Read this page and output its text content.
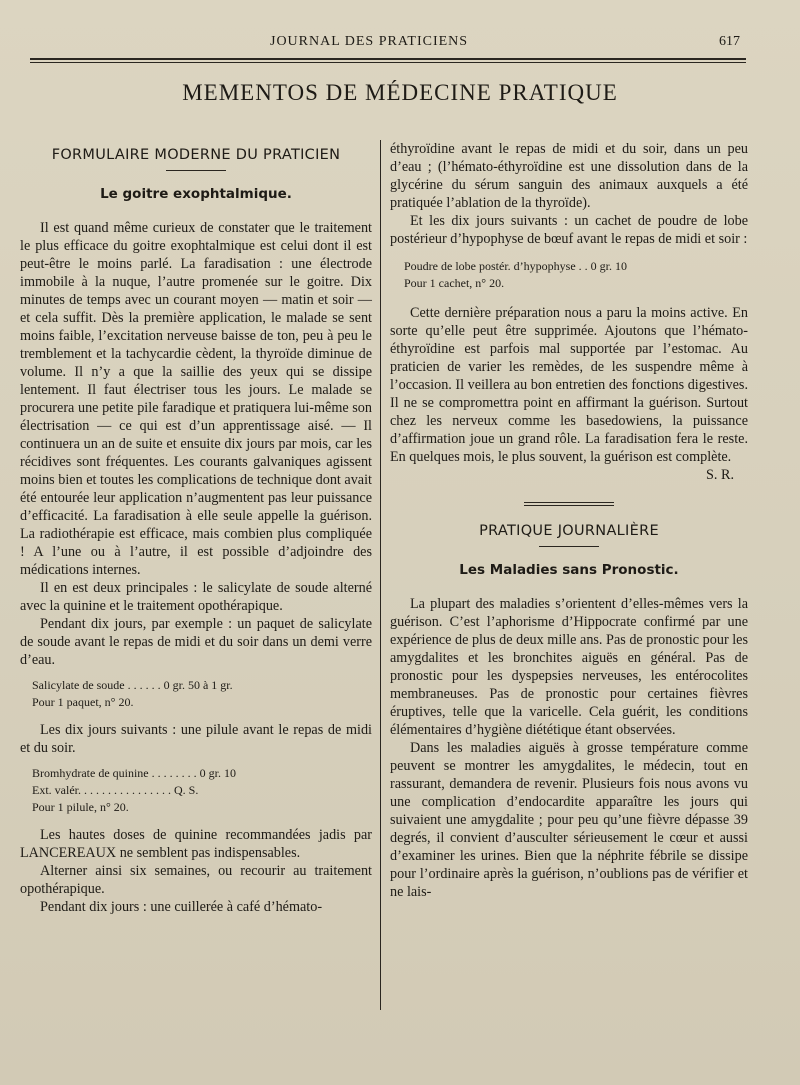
JOURNAL DES PRATICIENS	617
MEMENTOS DE MÉDECINE PRATIQUE
FORMULAIRE MODERNE DU PRATICIEN
Le goitre exophtalmique.

Il est quand même curieux de constater que le traitement le plus efficace du goitre exophtalmique est celui dont il est peut-être le moins parlé. La faradisation : une électrode immobile à la nuque, l’autre promenée sur le goitre. Dix minutes de temps avec un courant moyen — matin et soir — et cela suffit. Dès la première application, le malade se sent moins faible, l’excitation nerveuse baisse de ton, peu à peu le tremblement et la tachycardie cèdent, la thyroïde diminue de volume. Il n’y a que la saillie des yeux qui se dissipe lentement. Il faut électriser tous les jours. Le malade se procurera une petite pile faradique et pratiquera lui-même son électrisation — ce qui est d’un apprentissage aisé. — Il continuera un an de suite et ensuite dix jours par mois, car les récidives sont fréquentes. Les courants galvaniques agissent moins bien et toutes les complications de technique dont avait été entourée leur application n’augmentent pas leur puissance d’efficacité. La faradisation à elle seule appelle la guérison. La radiothérapie est efficace, mais combien plus compliquée ! A l’une ou à l’autre, il est possible d’adjoindre des médications internes.

Il en est deux principales : le salicylate de soude alterné avec la quinine et le traitement opothérapique.

Pendant dix jours, par exemple : un paquet de salicylate de soude avant le repas de midi et du soir dans un demi verre d’eau.

Salicylate de soude . . . . . . 0 gr. 50 à 1 gr.
Pour 1 paquet, n° 20.

Les dix jours suivants : une pilule avant le repas de midi et du soir.

Bromhydrate de quinine . . . . . . . . 0 gr. 10
Ext. valér. . . . . . . . . . . . . . . . Q. S.
Pour 1 pilule, n° 20.

Les hautes doses de quinine recommandées jadis par LANCEREAUX ne semblent pas indispensables.

Alterner ainsi six semaines, ou recourir au traitement opothérapique.

Pendant dix jours : une cuillerée à café d’hémato-

éthyroïdine avant le repas de midi et du soir, dans un peu d’eau ; (l’hémato-éthyroïdine est une dissolution dans de la glycérine du sérum sanguin des animaux auxquels a été pratiquée l’ablation de la thyroïde).

Et les dix jours suivants : un cachet de poudre de lobe postérieur d’hypophyse de bœuf avant le repas de midi et soir :

Poudre de lobe postér. d’hypophyse . . 0 gr. 10
Pour 1 cachet, n° 20.

Cette dernière préparation nous a paru la moins active. En sorte qu’elle peut être supprimée. Ajoutons que l’hémato-éthyroïdine est parfois mal supportée par l’estomac. Au praticien de varier les remèdes, de les suspendre même à l’occasion. Il veillera au bon entretien des fonctions digestives. Il ne se compromettra point en affirmant la guérison. Surtout chez les nerveux comme les basedowiens, la puissance d’affirmation joue un grand rôle. La faradisation fera le reste. En quelques mois, le plus souvent, la guérison est complète.

S. R.
PRATIQUE JOURNALIÈRE
Les Maladies sans Pronostic.

La plupart des maladies s’orientent d’elles-mêmes vers la guérison. C’est l’aphorisme d’Hippocrate confirmé par une expérience de plus de deux mille ans. Pas de pronostic pour les amygdalites et les bronchites aiguës en général. Pas de pronostic pour les dyspepsies nerveuses, les entérocolites membraneuses. Pas de pronostic pour certaines fièvres éruptives, telle que la varicelle. Cela guérit, les conditions élémentaires d’hygiène diététique étant observées.

Dans les maladies aiguës à grosse température comme peuvent se montrer les amygdalites, le médecin, tout en rassurant, demandera de revenir. Plusieurs fois nous avons vu une complication d’endocardite apparaître les jours qui suivaient une amygdalite ; pour peu qu’une fièvre dépasse 39 degrés, il convient d’ausculter sérieusement le cœur et aussi d’examiner les urines. Bien que la néphrite fébrile se dissipe pour l’ordinaire après la guérison, n’oublions pas de vérifier et ne lais-
